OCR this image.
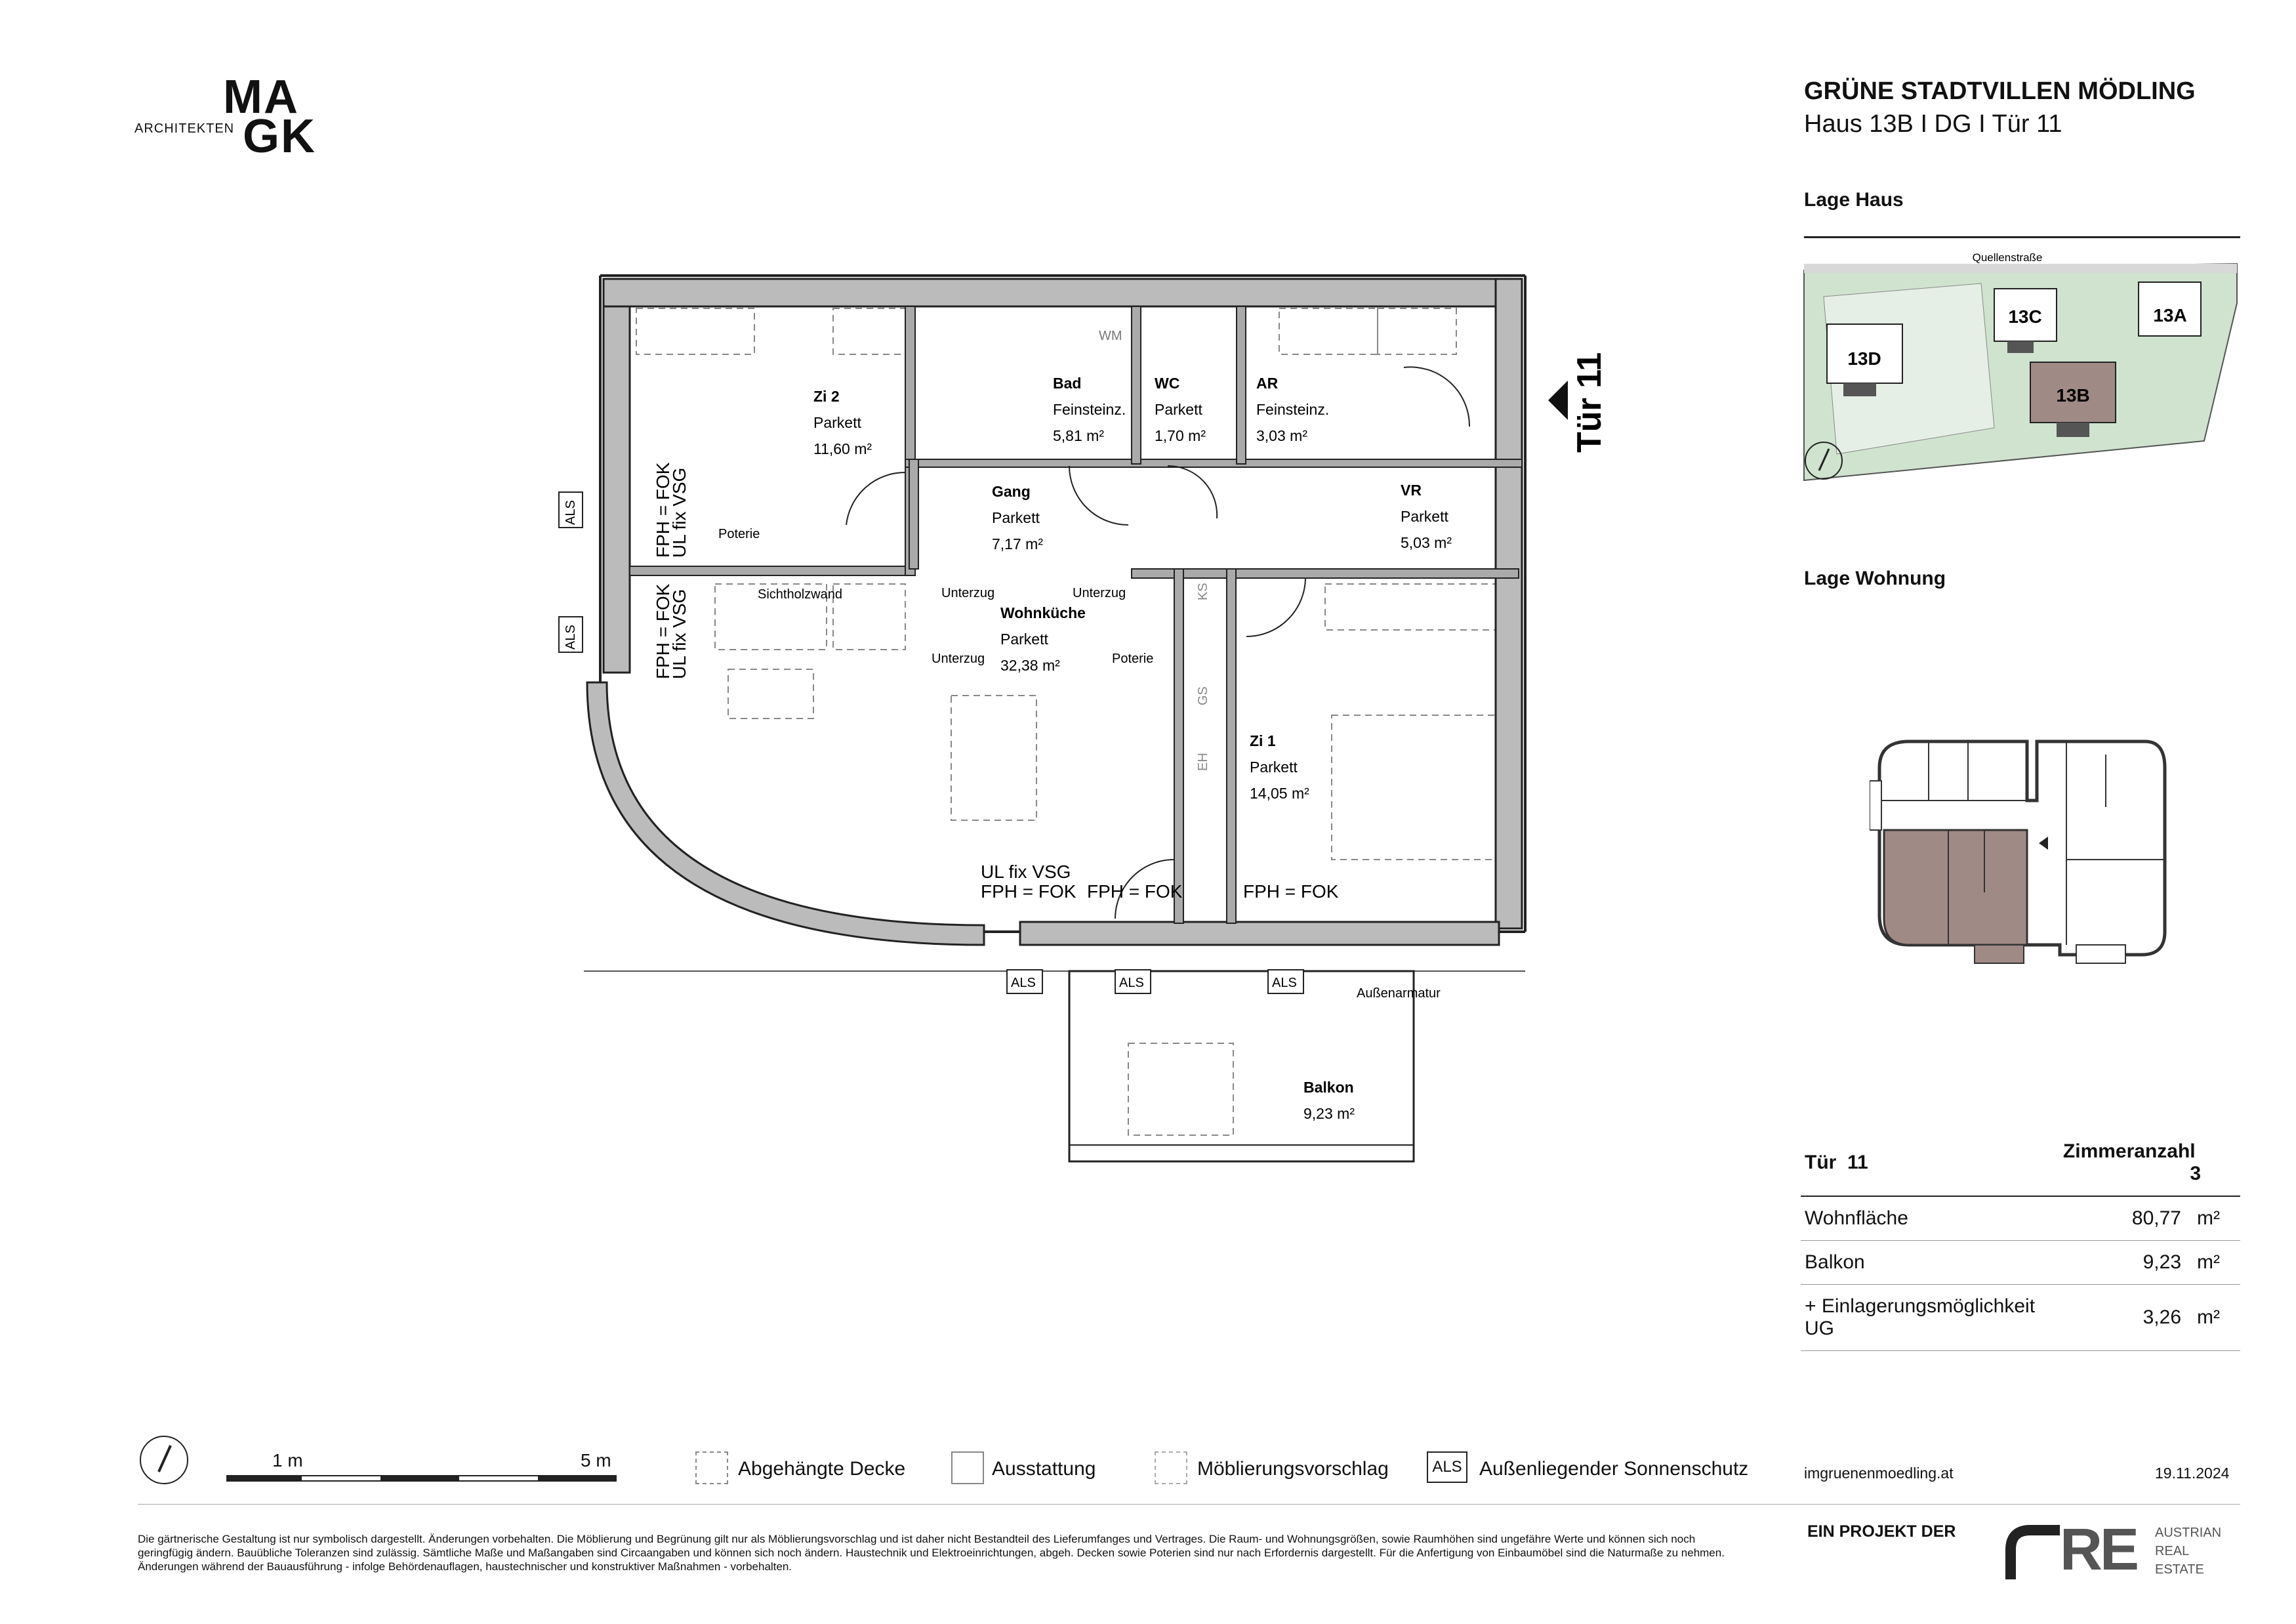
ARCHITEKTEN
MA
GK
GRÜNE STADTVILLEN MÖDLING
Haus 13B I DG I Tür 11
Lage Haus
Quellenstraße
13C	13A
13D
13B
Lage Wohnung
Tür 11	Zimmeranzahl  3	
Wohnfläche	80,77	m²
Balkon	9,23	m²
+ Einlagerungsmöglichkeit UG	3,26	m²
Tür 11
Zi 2
Parkett
11,60 m²
Bad
Feinsteinz.
5,81 m²
WC
Parkett
1,70 m²
AR
Feinsteinz.
3,03 m²
Gang
Parkett
7,17 m²
VR
Parkett
5,03 m²
Wohnküche
Parkett
32,38 m²
Zi 1
Parkett
14,05 m²
Balkon
9,23 m²
WM
Poterie
Sichtholzwand	Unterzug	Unterzug
Unterzug	Poterie
Außenarmatur
KS
GS
EH
UL fix VSG
FPH = FOK FPH = FOK	FPH = FOK
FPH = FOK
UL fix VSG
FPH = FOK
UL fix VSG
ALS
ALS
ALS	ALS	ALS
1 m	5 m	Abgehängte Decke	Ausstattung	Möblierungsvorschlag	ALS Außenliegender Sonnenschutz	imgruenenmoedling.at	19.11.2024
Die gärtnerische Gestaltung ist nur symbolisch dargestellt. Änderungen vorbehalten. Die Möblierung und Begrünung gilt nur als Möblierungsvorschlag und ist daher nicht Bestandteil des Lieferumfanges und Vertrages. Die Raum- und Wohnungsgrößen, sowie Raumhöhen sind ungefähre Werte und können sich noch geringfügig ändern. Bauübliche Toleranzen sind zulässig. Sämtliche Maße und Maßangaben sind Circaangaben und können sich noch ändern. Haustechnik und Elektroeinrichtungen, abgeh. Decken sowie Poterien sind nur nach Erfordernis dargestellt. Für die Anfertigung von Einbaumöbel sind die Naturmaße zu nehmen. Änderungen während der Bauausführung - infolge Behördenauflagen, haustechnischer und konstruktiver Maßnahmen - vorbehalten.
EIN PROJEKT DER RE AUSTRIAN
REAL
ESTATE
